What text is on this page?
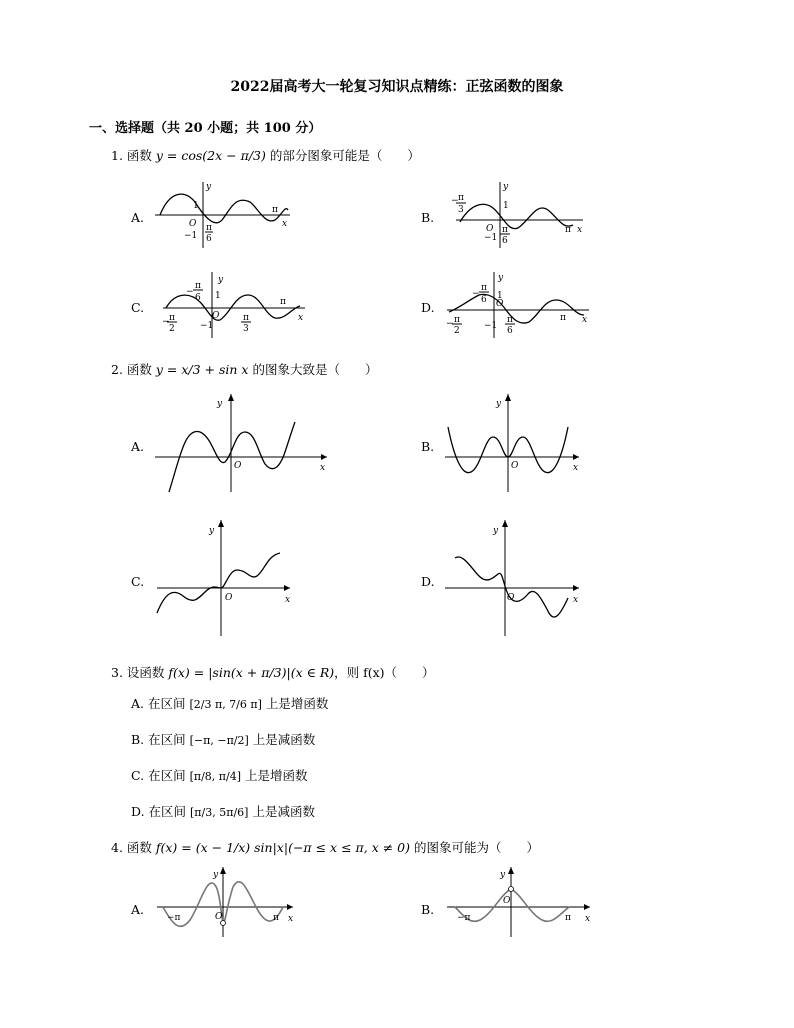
2022届高考大一轮复习知识点精练：正弦函数的图象
一、选择题（共 20 小题；共 100 分）
1. 函数 y = cos(2x − π/3) 的部分图象可能是（　　）
A.
y
x
O
1
−1
π
6
π	B.
y
x
O
1
−1
− π
3
π
6
π
C.
y
x
O
1
−1
π
6
−
π
2
−	π
3
π	D.
y
x
O
1
−1
π
6
−
π
2
−	π
6
π
2. 函数 y = x/3 + sin x 的图象大致是（　　）
A.
y
x
O
B.
y
x
O
C.
y
x
O
D.
y
x
O
3. 设函数 f(x) = |sin(x + π/3)|(x ∈ R)，则 f(x)（　　）
A. 在区间 [2/3 π, 7/6 π] 上是增函数
B. 在区间 [−π, −π/2] 上是减函数
C. 在区间 [π/8, π/4] 上是增函数
D. 在区间 [π/3, 5π/6] 上是减函数
4. 函数 f(x) = (x − 1/x) sin|x|(−π ≤ x ≤ π, x ≠ 0) 的图象可能为（　　）
A.
y
x
O
−π	π
B.
y
x
O
−π	π
